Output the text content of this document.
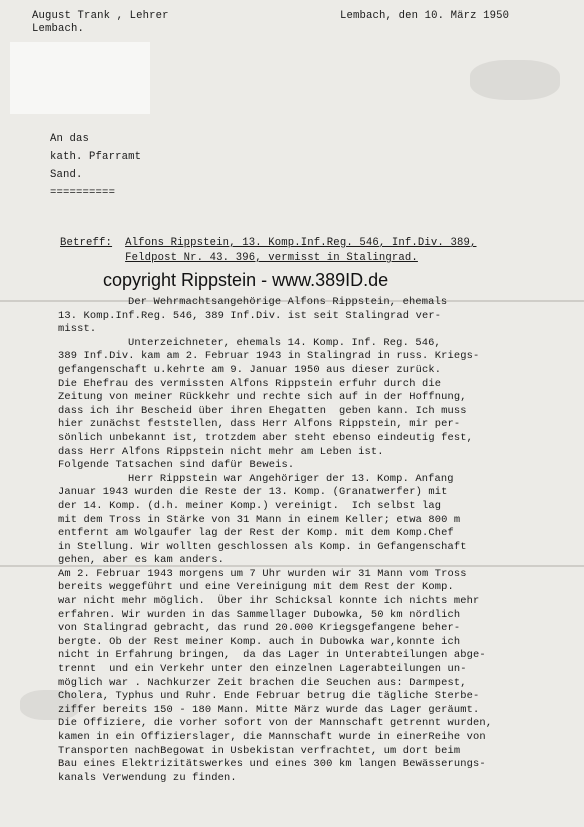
August Trank , Lehrer
Lembach.
Lembach, den 10. März 1950
An das
kath. Pfarramt
Sand.
==========
Betreff: Alfons Rippstein, 13. Komp.Inf.Reg. 546, Inf.Div. 389,
Feldpost Nr. 43. 396, vermisst in Stalingrad.
copyright Rippstein - www.389ID.de
Der Wehrmachtsangehörige Alfons Rippstein, ehemals
13. Komp.Inf.Reg. 546, 389 Inf.Div. ist seit Stalingrad ver-
misst.
Unterzeichneter, ehemals 14. Komp. Inf. Reg. 546,
389 Inf.Div. kam am 2. Februar 1943 in Stalingrad in russ. Kriegs-
gefangenschaft u.kehrte am 9. Januar 1950 aus dieser zurück.
Die Ehefrau des vermissten Alfons Rippstein erfuhr durch die
Zeitung von meiner Rückkehr und rechte sich auf in der Hoffnung,
dass ich ihr Bescheid über ihren Ehegatten  geben kann. Ich muss
hier zunächst feststellen, dass Herr Alfons Rippstein, mir per-
sönlich unbekannt ist, trotzdem aber steht ebenso eindeutig fest,
dass Herr Alfons Rippstein nicht mehr am Leben ist.
Folgende Tatsachen sind dafür Beweis.
Herr Rippstein war Angehöriger der 13. Komp. Anfang
Januar 1943 wurden die Reste der 13. Komp. (Granatwerfer) mit
der 14. Komp. (d.h. meiner Komp.) vereinigt.  Ich selbst lag
mit dem Tross in Stärke von 31 Mann in einem Keller; etwa 800 m
entfernt am Wolgaufer lag der Rest der Komp. mit dem Komp.Chef
in Stellung. Wir wollten geschlossen als Komp. in Gefangenschaft
gehen, aber es kam anders.
Am 2. Februar 1943 morgens um 7 Uhr wurden wir 31 Mann vom Tross
bereits weggeführt und eine Vereinigung mit dem Rest der Komp.
war nicht mehr möglich.  Über ihr Schicksal konnte ich nichts mehr
erfahren. Wir wurden in das Sammellager Dubowka, 50 km nördlich
von Stalingrad gebracht, das rund 20.000 Kriegsgefangene beher-
bergte. Ob der Rest meiner Komp. auch in Dubowka war,konnte ich
nicht in Erfahrung bringen,  da das Lager in Unterabteilungen abge-
trennt  und ein Verkehr unter den einzelnen Lagerabteilungen un-
möglich war . Nachkurzer Zeit brachen die Seuchen aus: Darmpest,
Cholera, Typhus und Ruhr. Ende Februar betrug die tägliche Sterbe-
ziffer bereits 150 - 180 Mann. Mitte März wurde das Lager geräumt.
Die Offiziere, die vorher sofort von der Mannschaft getrennt wurden,
kamen in ein Offizierslager, die Mannschaft wurde in einerReihe von
Transporten nachBegowat in Usbekistan verfrachtet, um dort beim
Bau eines Elektrizitätswerkes und eines 300 km langen Bewässerungs-
kanals Verwendung zu finden.
